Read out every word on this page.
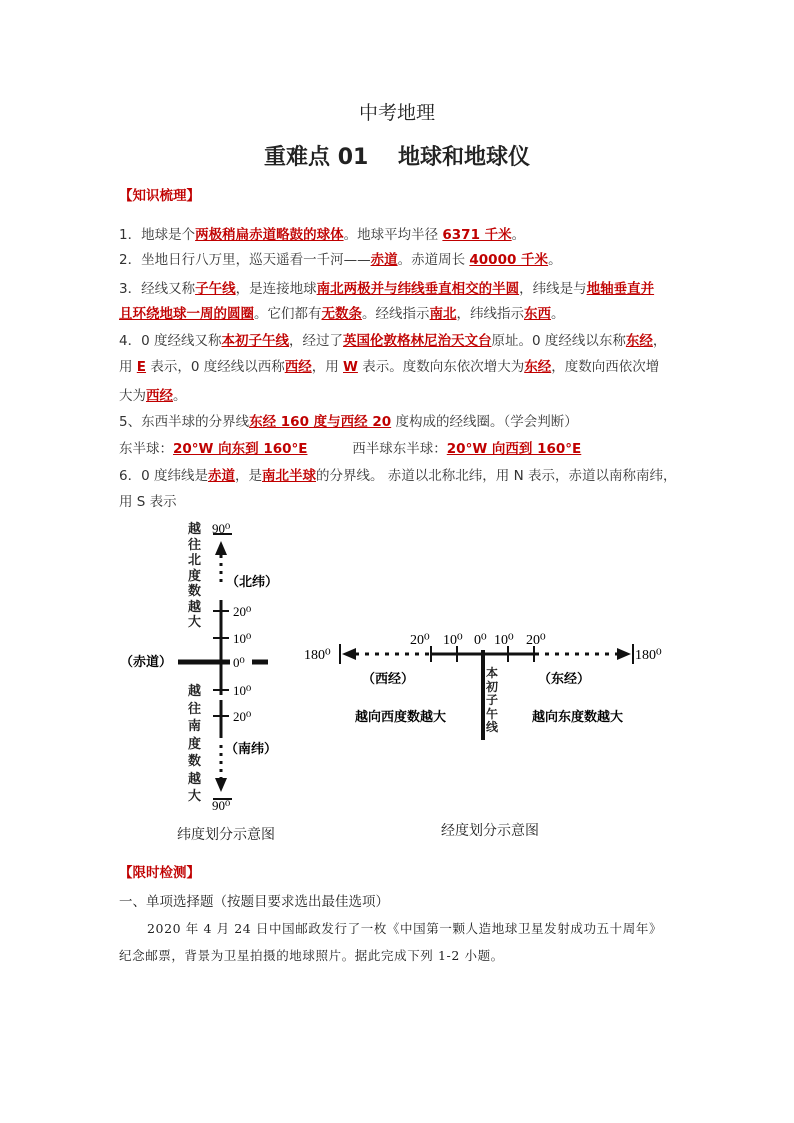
中考地理
重难点 01　 地球和地球仪
【知识梳理】
1．地球是个两极稍扁赤道略鼓的球体。地球平均半径 6371 千米。
2．坐地日行八万里，巡天遥看一千河——赤道。赤道周长 40000 千米。
3．经线又称子午线，是连接地球南北两极并与纬线垂直相交的半圆，纬线是与地轴垂直并
且环绕地球一周的圆圈。它们都有无数条。经线指示南北，纬线指示东西。
4．0 度经线又称本初子午线，经过了英国伦敦格林尼治天文台原址。0 度经线以东称东经，
用 E 表示，0 度经线以西称西经，用 W 表示。度数向东依次增大为东经，度数向西依次增
大为西经。
5、东西半球的分界线东经 160 度与西经 20 度构成的经线圈。（学会判断）
东半球：20°W 向东到 160°E　　　 西半球东半球：20°W 向西到 160°E
6．0 度纬线是赤道，是南北半球的分界线。 赤道以北称北纬，用 N 表示，赤道以南称南纬，
用 S 表示
90⁰
90⁰
（北纬）
（南纬）
（赤道）	0⁰
20⁰
10⁰
10⁰
20⁰
越
往
北
度
数
越
大
越
往
南
度
数
越
大
纬度划分示意图
180⁰	180⁰
20⁰ 10⁰ 0⁰ 10⁰ 20⁰
（西经）	（东经）
越向西度数越大	越向东度数越大
本
初
子
午
线
经度划分示意图
【限时检测】
一、单项选择题（按题目要求选出最佳选项）
2020 年 4 月 24 日中国邮政发行了一枚《中国第一颗人造地球卫星发射成功五十周年》
纪念邮票，背景为卫星拍摄的地球照片。据此完成下列 1-2 小题。
